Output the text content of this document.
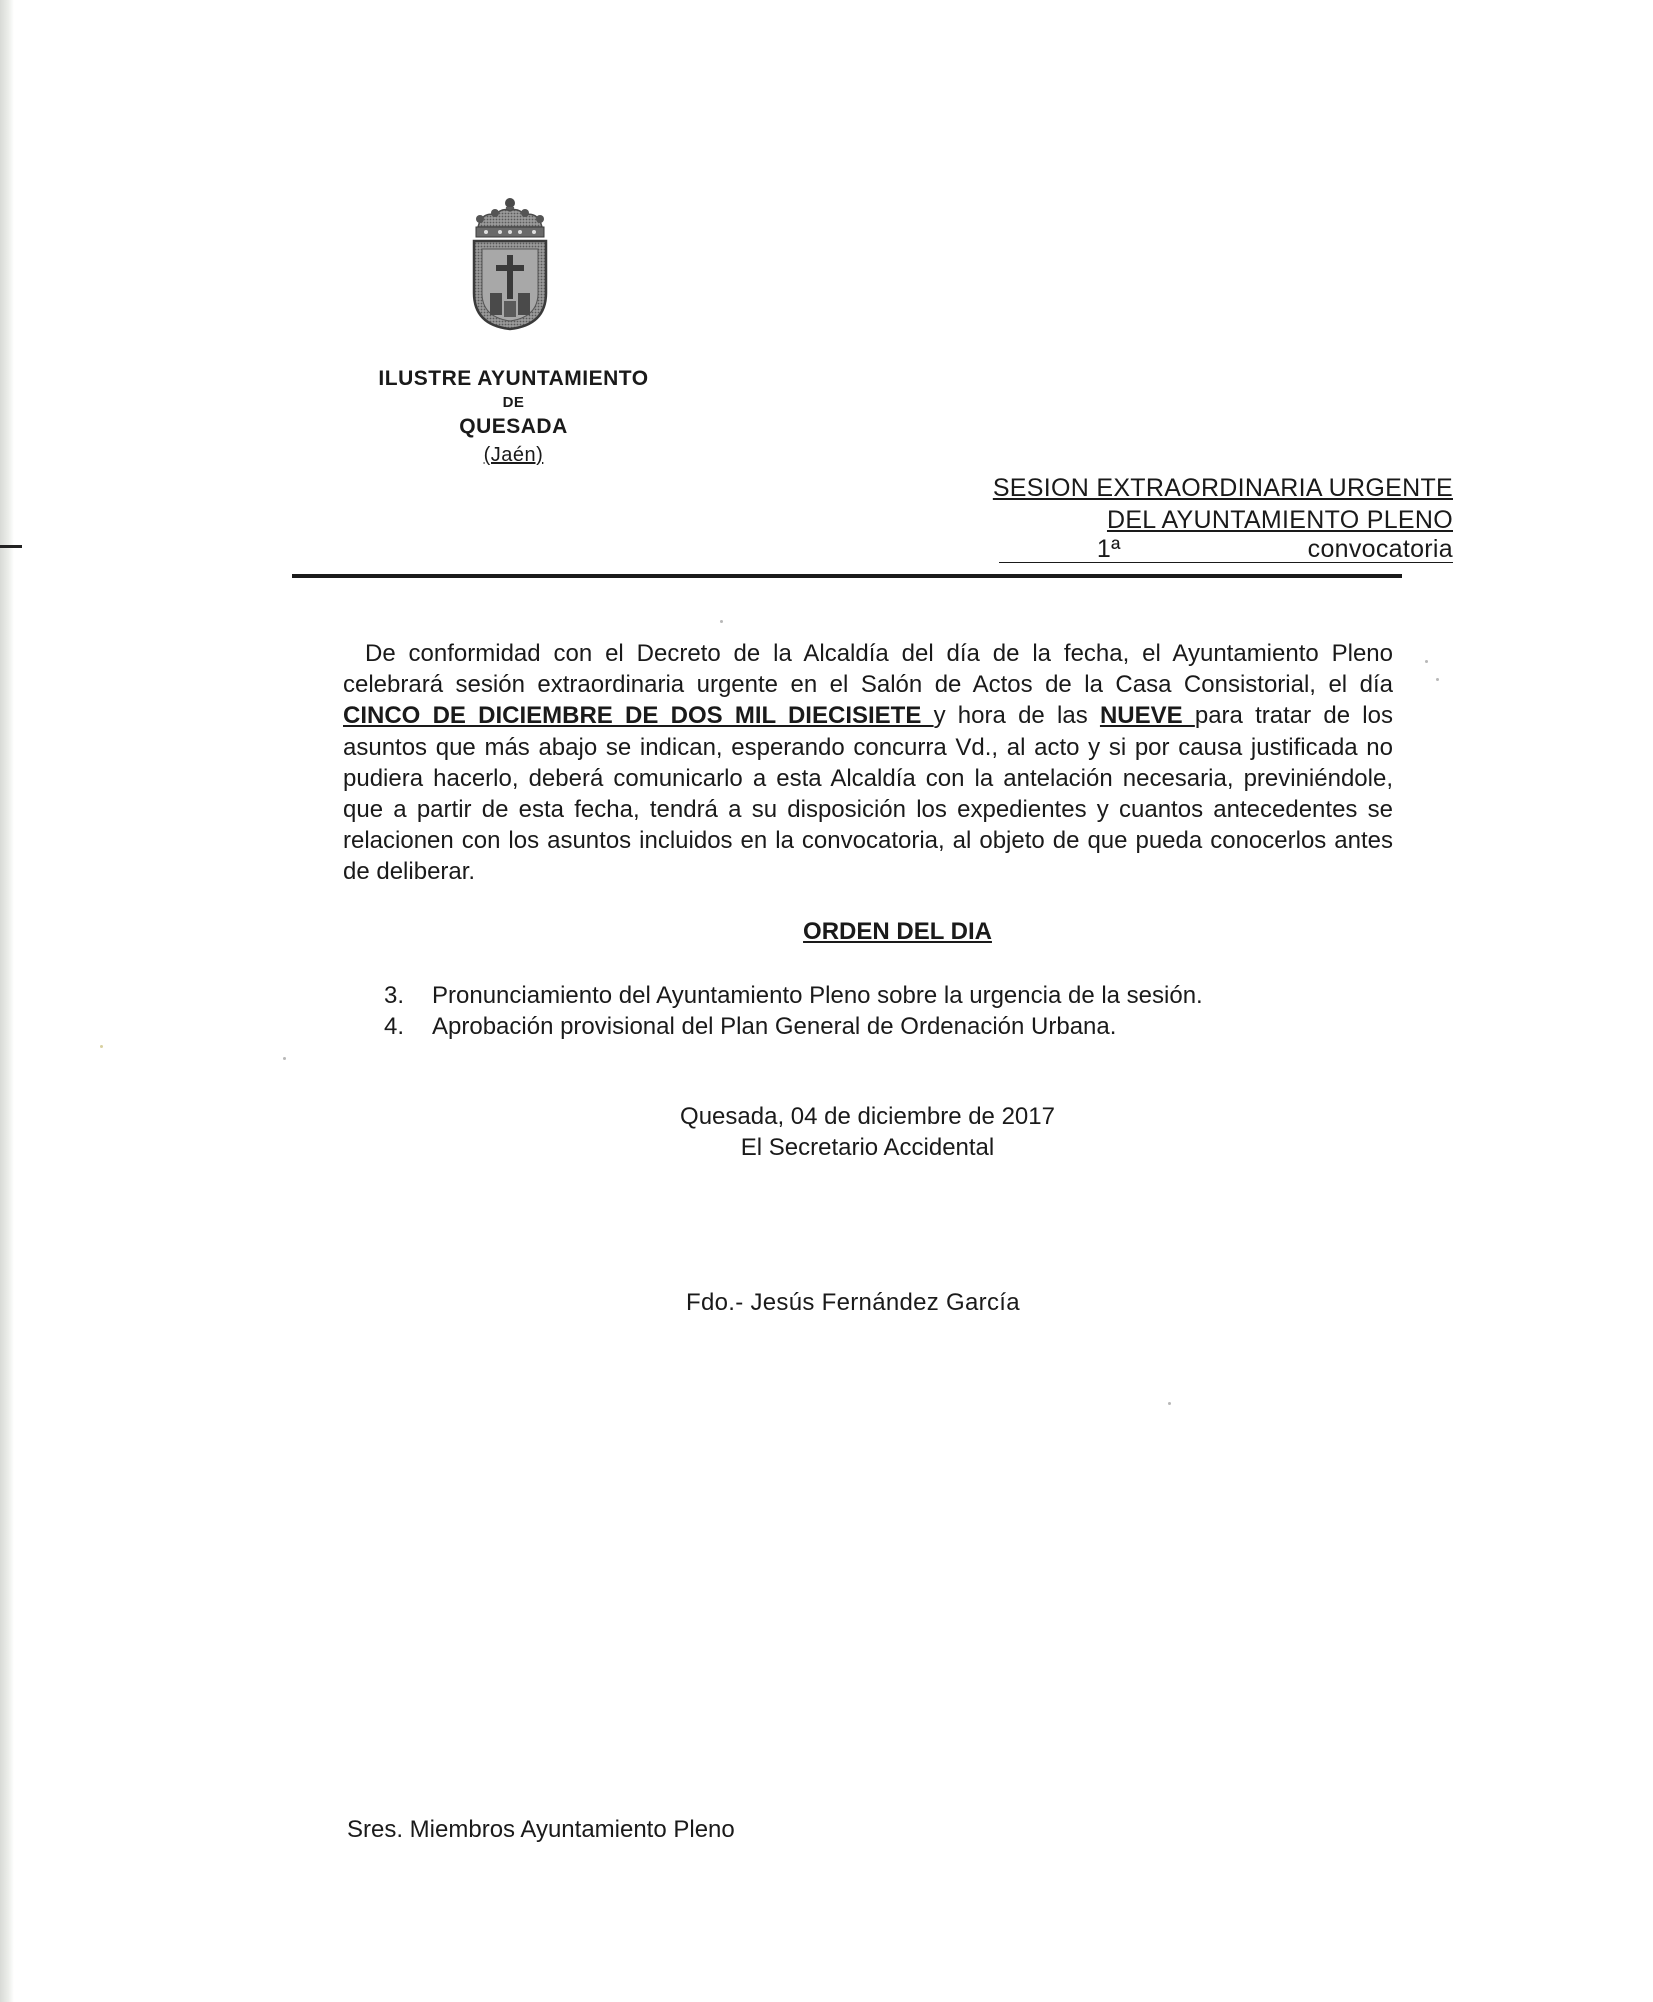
ILUSTRE AYUNTAMIENTO
DE
QUESADA
(Jaén)
SESION EXTRAORDINARIA URGENTE
DEL AYUNTAMIENTO PLENO
1ª	convocatoria

De conformidad con el Decreto de la Alcaldía del día de la fecha, el Ayuntamiento Pleno celebrará sesión extraordinaria urgente en el Salón de Actos de la Casa Consistorial, el día CINCO DE DICIEMBRE DE DOS MIL DIECISIETE y hora de las NUEVE para tratar de los asuntos que más abajo se indican, esperando concurra Vd., al acto y si por causa justificada no pudiera hacerlo, deberá comunicarlo a esta Alcaldía con la antelación necesaria, previniéndole, que a partir de esta fecha, tendrá a su disposición los expedientes y cuantos antecedentes se relacionen con los asuntos incluidos en la convocatoria, al objeto de que pueda conocerlos antes de deliberar.

ORDEN DEL DIA
3.	Pronunciamiento del Ayuntamiento Pleno sobre la urgencia de la sesión.
4.	Aprobación provisional del Plan General de Ordenación Urbana.
Quesada, 04 de diciembre de 2017
El Secretario Accidental
Fdo.- Jesús Fernández García
Sres. Miembros Ayuntamiento Pleno
